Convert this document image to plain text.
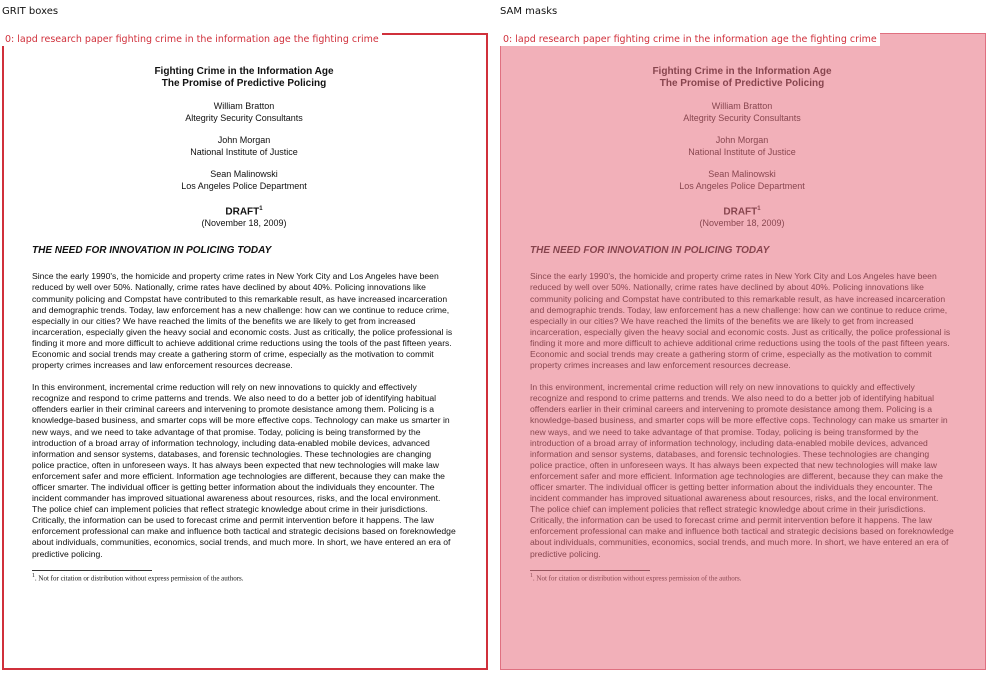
GRIT boxes	SAM masks
Fighting Crime in the Information Age
The Promise of Predictive Policing
William Bratton
Altegrity Security Consultants
John Morgan
National Institute of Justice
Sean Malinowski
Los Angeles Police Department
DRAFT$^1$
(November 18, 2009)
THE NEED FOR INNOVATION IN POLICING TODAY
Since the early 1990's, the homicide and property crime rates in New York City and Los Angeles have been reduced by well over 50%. Nationally, crime rates have declined by about 40%. Policing innovations like community policing and Compstat have contributed to this remarkable result, as have increased incarceration and demographic trends. Today, law enforcement has a new challenge: how can we continue to reduce crime, especially in our cities? We have reached the limits of the benefits we are likely to get from increased incarceration, especially given the heavy social and economic costs. Just as critically, the police professional is finding it more and more difficult to achieve additional crime reductions using the tools of the past fifteen years. Economic and social trends may create a gathering storm of crime, especially as the motivation to commit property crimes increases and law enforcement resources decrease.
In this environment, incremental crime reduction will rely on new innovations to quickly and effectively recognize and respond to crime patterns and trends. We also need to do a better job of identifying habitual offenders earlier in their criminal careers and intervening to promote desistance among them. Policing is a knowledge-based business, and smarter cops will be more effective cops. Technology can make us smarter in new ways, and we need to take advantage of that promise. Today, policing is being transformed by the introduction of a broad array of information technology, including data-enabled mobile devices, advanced information and sensor systems, databases, and forensic technologies. These technologies are changing police practice, often in unforeseen ways. It has always been expected that new technologies will make law enforcement safer and more efficient. Information age technologies are different, because they can make the officer smarter. The individual officer is getting better information about the individuals they encounter. The incident commander has improved situational awareness about resources, risks, and the local environment. The police chief can implement policies that reflect strategic knowledge about crime in their jurisdictions. Critically, the information can be used to forecast crime and permit intervention before it happens. The law enforcement professional can make and influence both tactical and strategic decisions based on foreknowledge about individuals, communities, economics, social trends, and much more. In short, we have entered an era of predictive policing.
$^1$. Not for citation or distribution without express permission of the authors.
0: lapd research paper fighting crime in the information age the fighting crime	0: lapd research paper fighting crime in the information age the fighting crime
